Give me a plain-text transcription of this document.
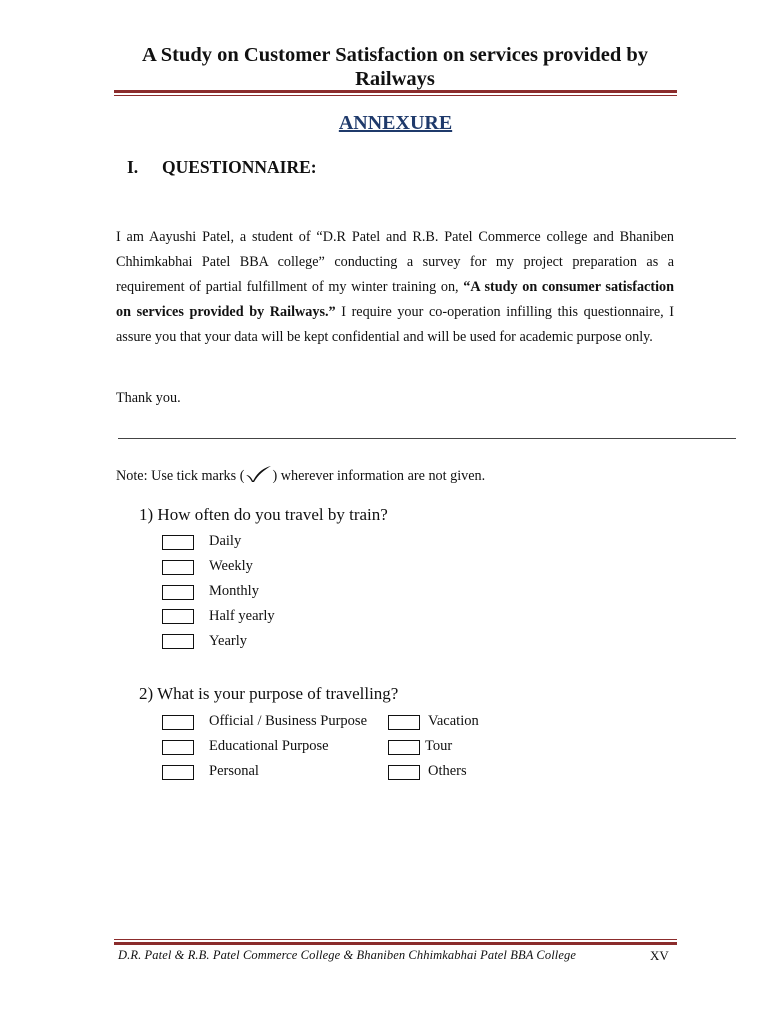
A Study on Customer Satisfaction on services provided by Railways
ANNEXURE
I. QUESTIONNAIRE:
I am Aayushi Patel, a student of “D.R Patel and R.B. Patel Commerce college and Bhaniben Chhimkabhai Patel BBA college” conducting a survey for my project preparation as a requirement of partial fulfillment of my winter training on, “A study on consumer satisfaction on services provided by Railways.” I require your co-operation infilling this questionnaire, I assure you that your data will be kept confidential and will be used for academic purpose only.
Thank you.
Note: Use tick marks ( ) wherever information are not given.
1) How often do you travel by train?
Daily
Weekly
Monthly
Half yearly
Yearly
2) What is your purpose of travelling?
Official / Business Purpose	Vacation
Educational Purpose	Tour
Personal	Others
D.R. Patel & R.B. Patel Commerce College & Bhaniben Chhimkabhai Patel BBA College	XV
